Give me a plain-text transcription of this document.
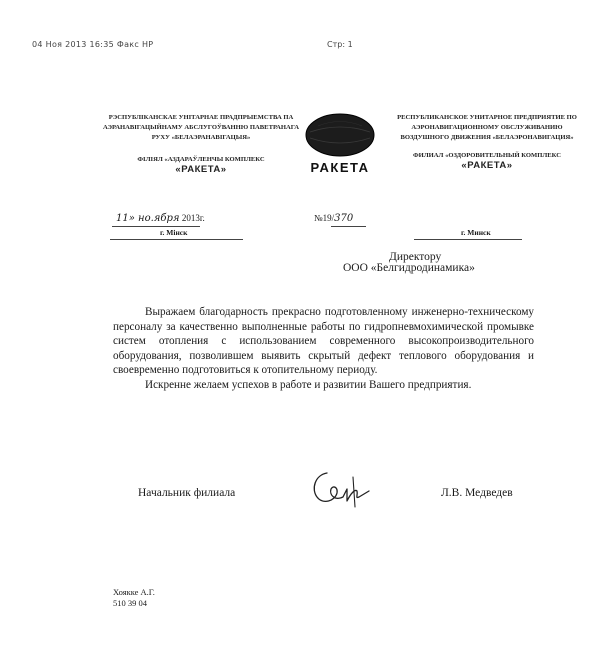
04 Ноя 2013 16:35 Факс HP	Стр: 1
РЭСПУБЛІКАНСКАЕ УНІТАРНАЕ ПРАДПРЫЕМСТВА ПА АЭРАНАВІГАЦЫЙНАМУ АБСЛУГОЎВАННЮ ПАВЕТРАНАГА РУХУ «БЕЛАЭРАНАВІГАЦЫЯ»
ФІЛІЯЛ «АЗДАРАЎЛЕНЧЫ КОМПЛЕКС
«РАКЕТА»	РАКЕТА
РЕСПУБЛИКАНСКОЕ УНИТАРНОЕ ПРЕДПРИЯТИЕ ПО АЭРОНАВИГАЦИОННОМУ ОБСЛУЖИВАНИЮ ВОЗДУШНОГО ДВИЖЕНИЯ «БЕЛАЭРОНАВИГАЦИЯ»
ФИЛИАЛ «ОЗДОРОВИТЕЛЬНЫЙ КОМПЛЕКС
«РАКЕТА»
11» но.ября 2013г.	№19/370
г. Мінск	г. Минск
Директору
ООО «Белгидродинамика»

Выражаем благодарность прекрасно подготовленному инженерно-техническому персоналу за качественно выполненные работы по гидропневмохимической промывке систем отопления с использованием современного высокопроизводительного оборудования, позволившем выявить скрытый дефект теплового оборудования и своевременно подготовиться к отопительному периоду.

Искренне желаем успехов в работе и развитии Вашего предприятия.

Начальник филиала	Л.В. Медведев
Хоякке А.Г.
510 39 04
